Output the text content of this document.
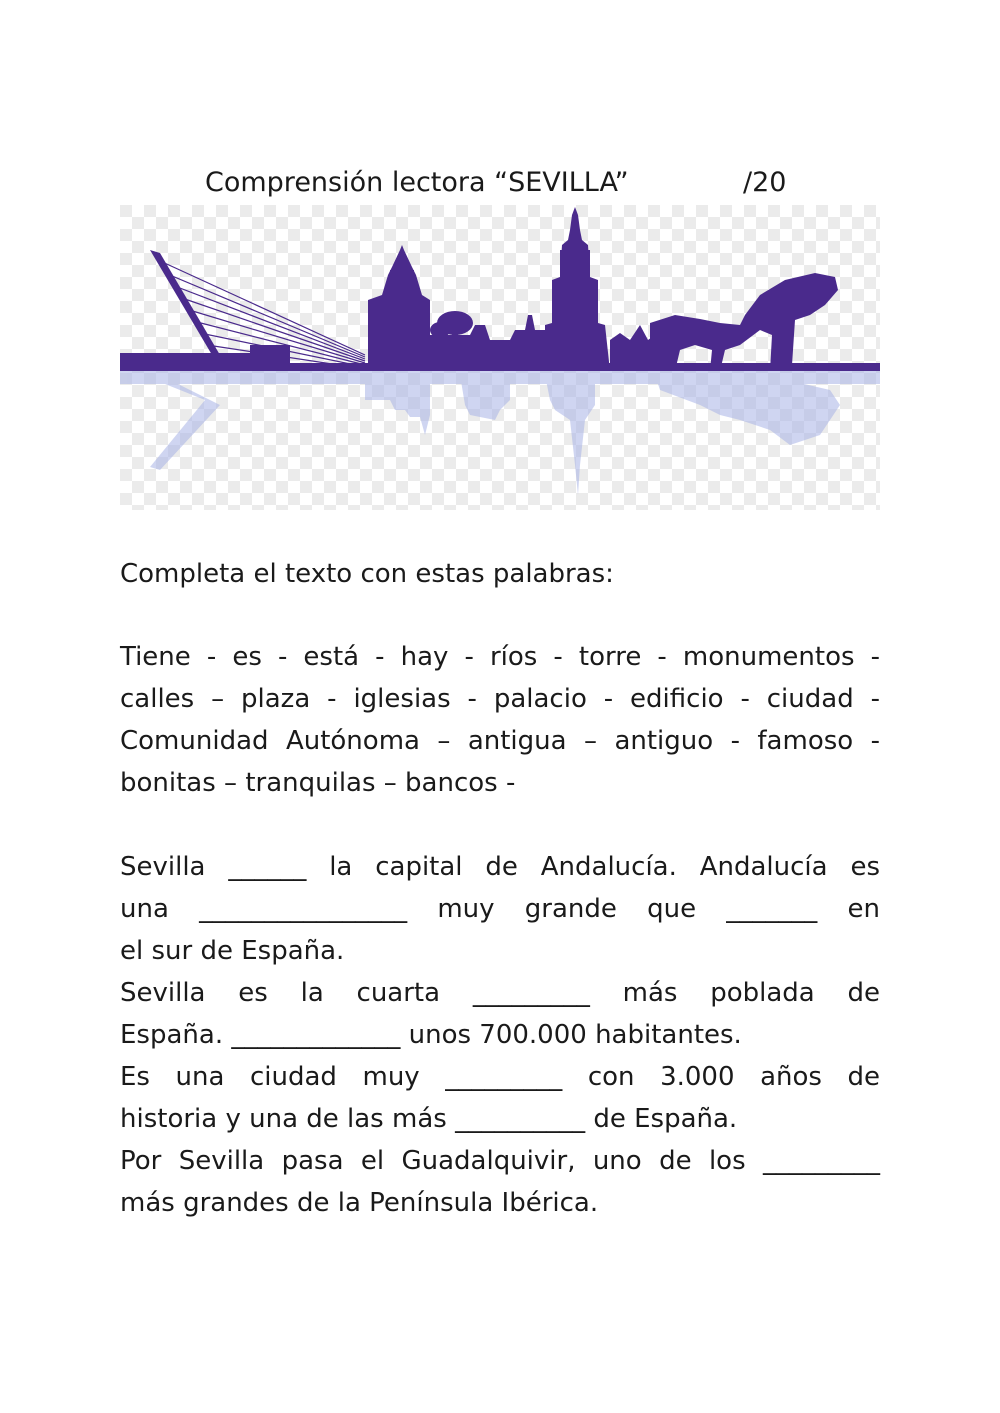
Comprensión lectora “SEVILLA”	/20
Completa el texto con estas palabras:
Tiene - es - está - hay - ríos - torre - monumentos -
calles – plaza - iglesias - palacio - edificio - ciudad -
Comunidad Autónoma – antigua – antiguo - famoso -
bonitas – tranquilas – bancos -
Sevilla ______ la capital de Andalucía. Andalucía es
una ________________ muy grande que _______ en
el sur de España.
Sevilla es la cuarta _________ más poblada de
España. _____________ unos 700.000 habitantes.
Es una ciudad muy _________ con 3.000 años de
historia y una de las más __________ de España.
Por Sevilla pasa el Guadalquivir, uno de los _________
más grandes de la Península Ibérica.
